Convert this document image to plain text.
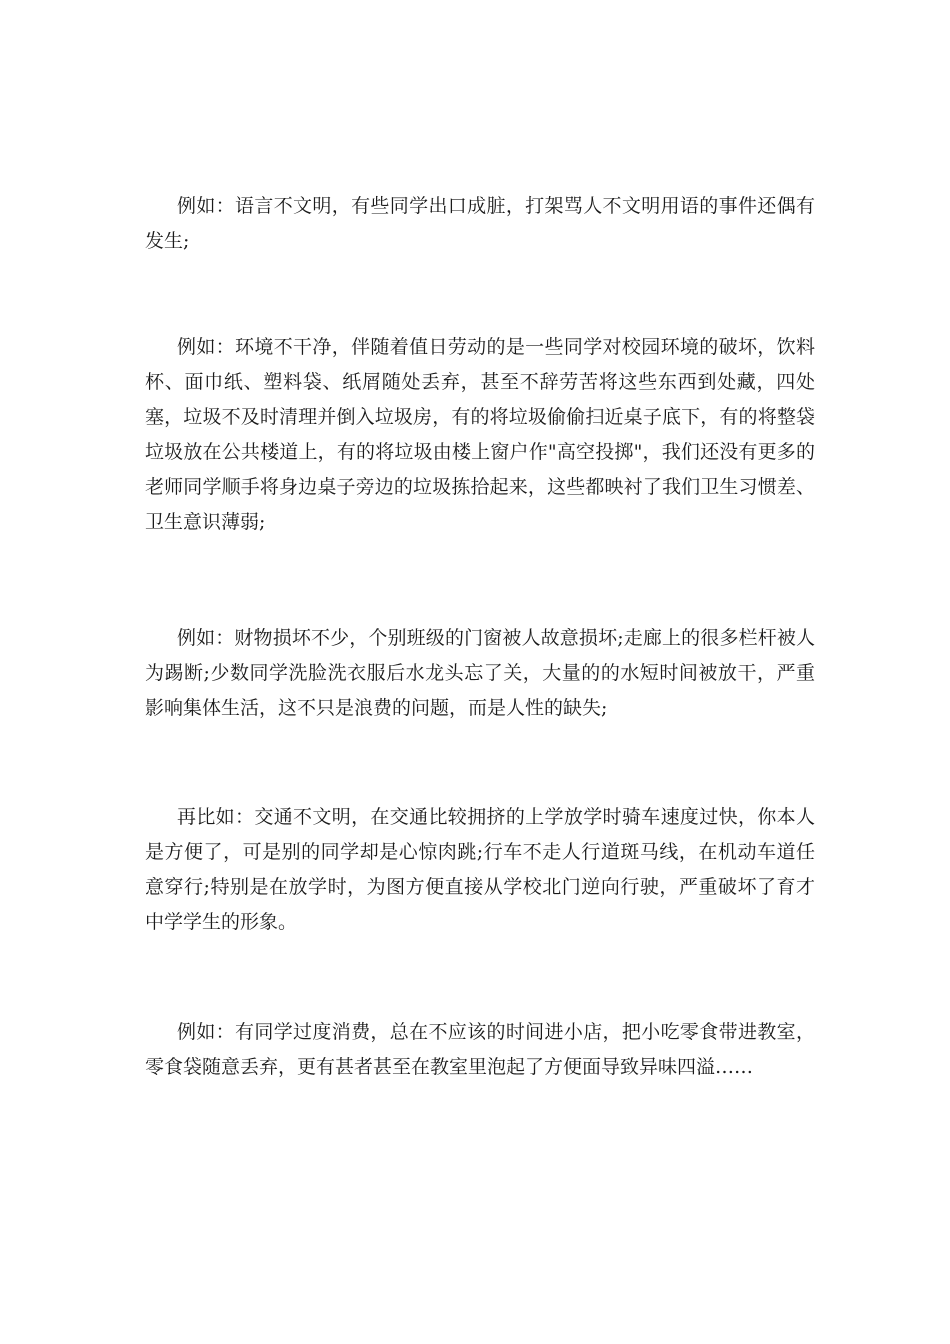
例如：语言不文明，有些同学出口成脏，打架骂人不文明用语的事件还偶有发生;

例如：环境不干净，伴随着值日劳动的是一些同学对校园环境的破坏，饮料杯、面巾纸、塑料袋、纸屑随处丢弃，甚至不辞劳苦将这些东西到处藏，四处塞，垃圾不及时清理并倒入垃圾房，有的将垃圾偷偷扫近桌子底下，有的将整袋垃圾放在公共楼道上，有的将垃圾由楼上窗户作"高空投掷"，我们还没有更多的老师同学顺手将身边桌子旁边的垃圾拣拾起来，这些都映衬了我们卫生习惯差、卫生意识薄弱;

例如：财物损坏不少，个别班级的门窗被人故意损坏;走廊上的很多栏杆被人为踢断;少数同学洗脸洗衣服后水龙头忘了关，大量的的水短时间被放干，严重影响集体生活，这不只是浪费的问题，而是人性的缺失;

再比如：交通不文明，在交通比较拥挤的上学放学时骑车速度过快，你本人是方便了，可是别的同学却是心惊肉跳;行车不走人行道斑马线，在机动车道任意穿行;特别是在放学时，为图方便直接从学校北门逆向行驶，严重破坏了育才中学学生的形象。

例如：有同学过度消费，总在不应该的时间进小店，把小吃零食带进教室，零食袋随意丢弃，更有甚者甚至在教室里泡起了方便面导致异味四溢……
